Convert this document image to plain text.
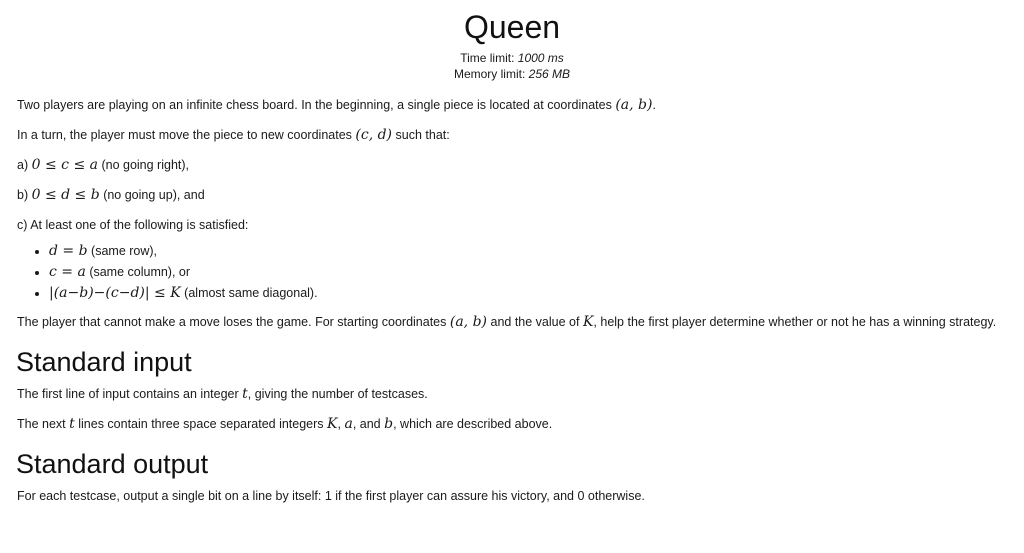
Queen
Time limit: 1000 ms
Memory limit: 256 MB

Two players are playing on an infinite chess board. In the beginning, a single piece is located at coordinates (a, b).

In a turn, the player must move the piece to new coordinates (c, d) such that:

a) 0 ≤ c ≤ a (no going right),

b) 0 ≤ d ≤ b (no going up), and

c) At least one of the following is satisfied:

• d = b (same row),
• c = a (same column), or
• |(a−b)−(c−d)| ≤ K (almost same diagonal).

The player that cannot make a move loses the game. For starting coordinates (a, b) and the value of K, help the first player determine whether or not he has a winning strategy.

Standard input

The first line of input contains an integer t, giving the number of testcases.

The next t lines contain three space separated integers K, a, and b, which are described above.

Standard output

For each testcase, output a single bit on a line by itself: 1 if the first player can assure his victory, and 0 otherwise.
